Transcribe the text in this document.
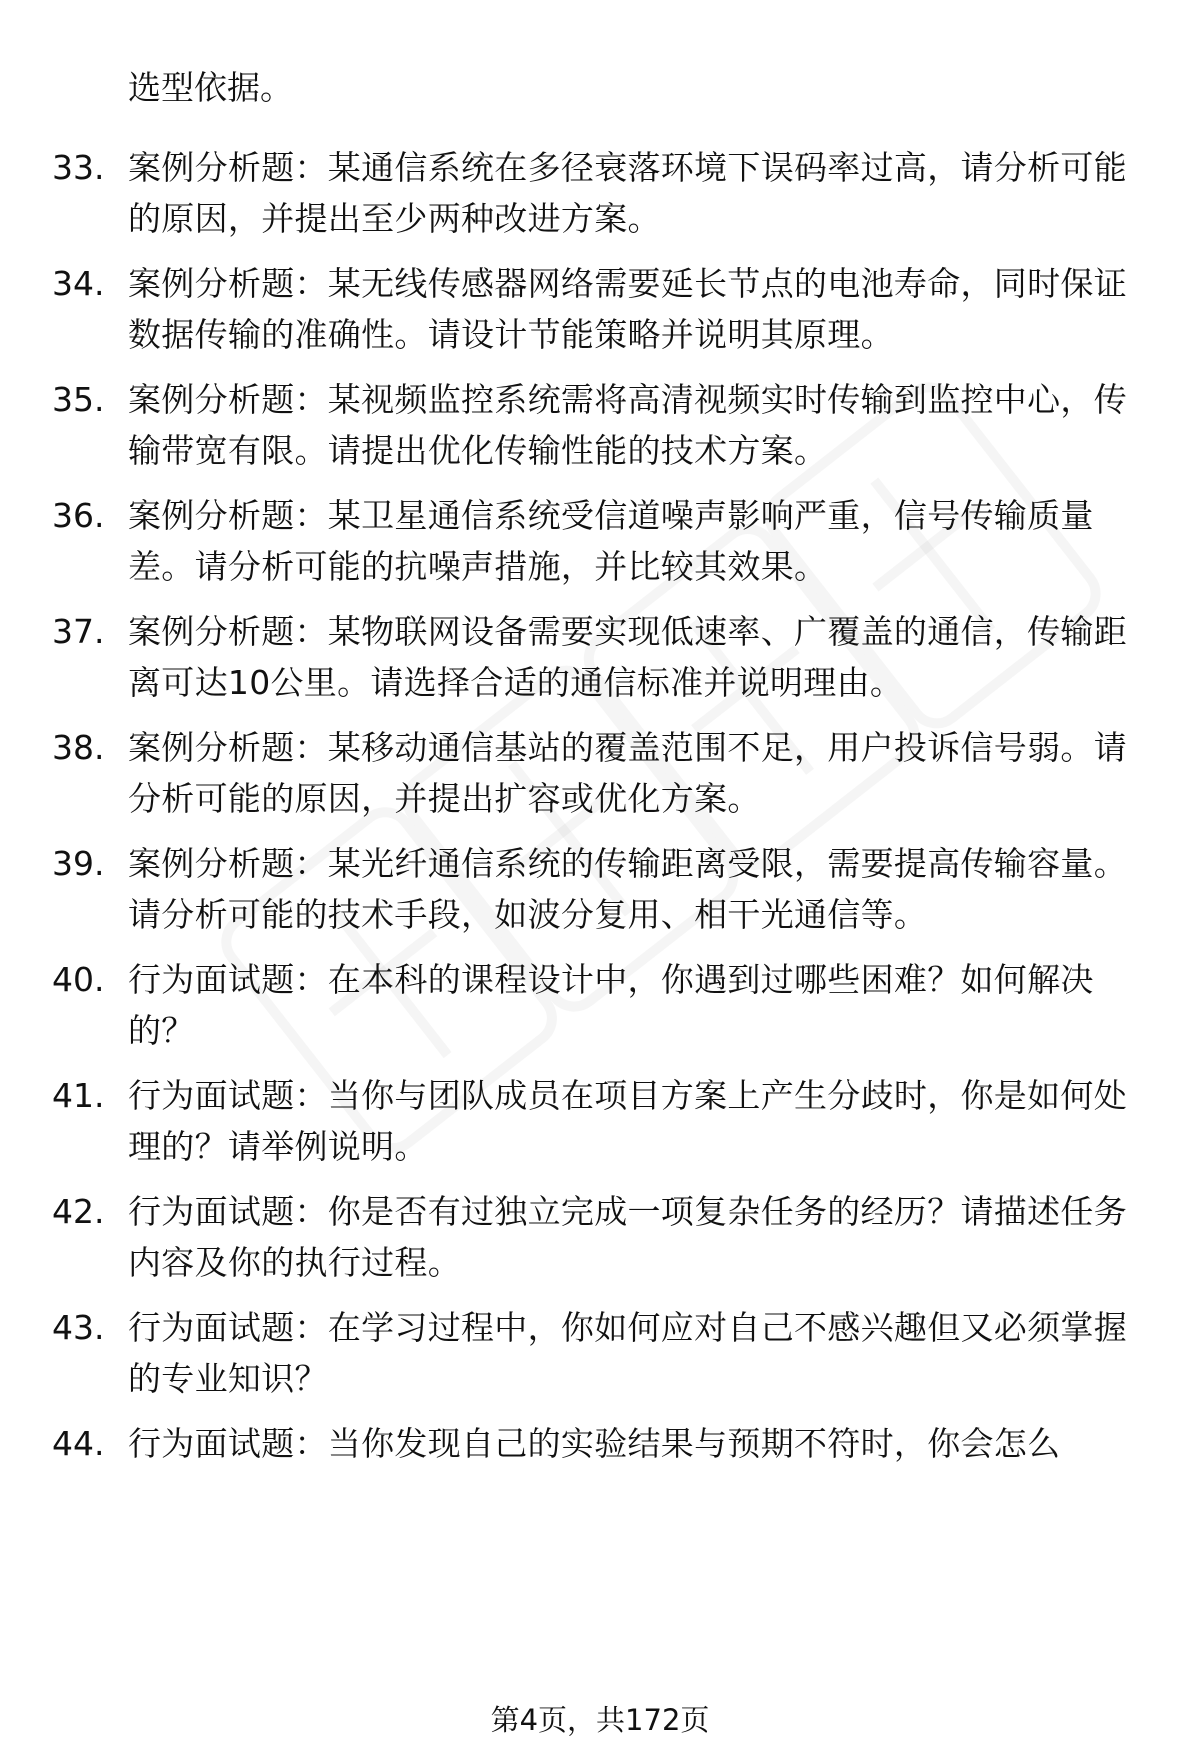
选型依据。
33. 案例分析题：某通信系统在多径衰落环境下误码率过高，请分析可能的原因，并提出至少两种改进方案。
34. 案例分析题：某无线传感器网络需要延长节点的电池寿命，同时保证数据传输的准确性。请设计节能策略并说明其原理。
35. 案例分析题：某视频监控系统需将高清视频实时传输到监控中心，传输带宽有限。请提出优化传输性能的技术方案。
36. 案例分析题：某卫星通信系统受信道噪声影响严重，信号传输质量差。请分析可能的抗噪声措施，并比较其效果。
37. 案例分析题：某物联网设备需要实现低速率、广覆盖的通信，传输距离可达10公里。请选择合适的通信标准并说明理由。
38. 案例分析题：某移动通信基站的覆盖范围不足，用户投诉信号弱。请分析可能的原因，并提出扩容或优化方案。
39. 案例分析题：某光纤通信系统的传输距离受限，需要提高传输容量。请分析可能的技术手段，如波分复用、相干光通信等。
40. 行为面试题：在本科的课程设计中，你遇到过哪些困难？如何解决的？
41. 行为面试题：当你与团队成员在项目方案上产生分歧时，你是如何处理的？请举例说明。
42. 行为面试题：你是否有过独立完成一项复杂任务的经历？请描述任务内容及你的执行过程。
43. 行为面试题：在学习过程中，你如何应对自己不感兴趣但又必须掌握的专业知识？
44. 行为面试题：当你发现自己的实验结果与预期不符时，你会怎么
第4页，共172页
